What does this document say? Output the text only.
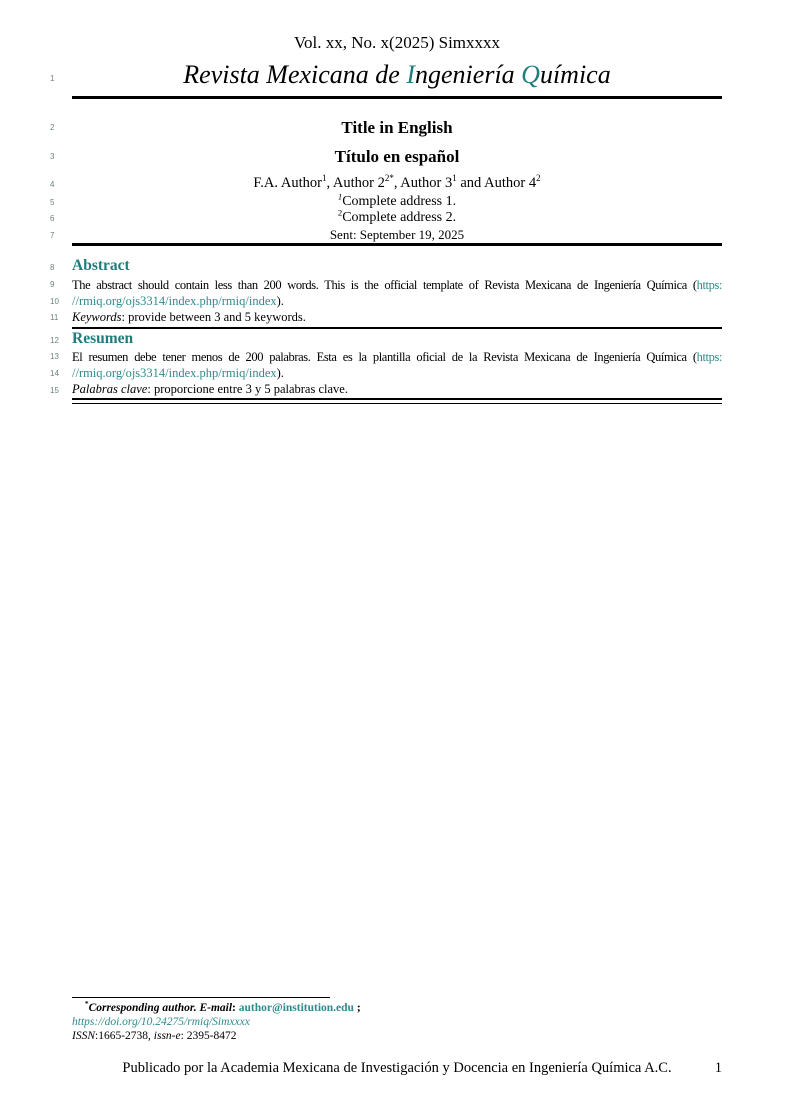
1
2
3
4
5
6
7
8
9
10
11
12
13
14
15
Vol. xx, No. x(2025) Simxxxx
Revista Mexicana de Ingeniería Química
Title in English
Título en español
F.A. Author$^1$, Author $2^{2*}$, Author $3^1$ and Author $4^2$
$^1$Complete address 1.
$^2$Complete address 2.
Sent: September 19, 2025
Abstract
The abstract should contain less than 200 words. This is the official template of Revista Mexicana de Ingeniería Química (https:
//rmiq.org/ojs3314/index.php/rmiq/index).
Keywords: provide between 3 and 5 keywords.
Resumen
El resumen debe tener menos de 200 palabras. Esta es la plantilla oficial de la Revista Mexicana de Ingeniería Química (https:
//rmiq.org/ojs3314/index.php/rmiq/index).
Palabras clave: proporcione entre 3 y 5 palabras clave.
*Corresponding author. E-mail: author@institution.edu ;
https://doi.org/10.24275/rmiq/Simxxxx
ISSN:1665-2738, issn-e: 2395-8472
Publicado por la Academia Mexicana de Investigación y Docencia en Ingeniería Química A.C.	1
